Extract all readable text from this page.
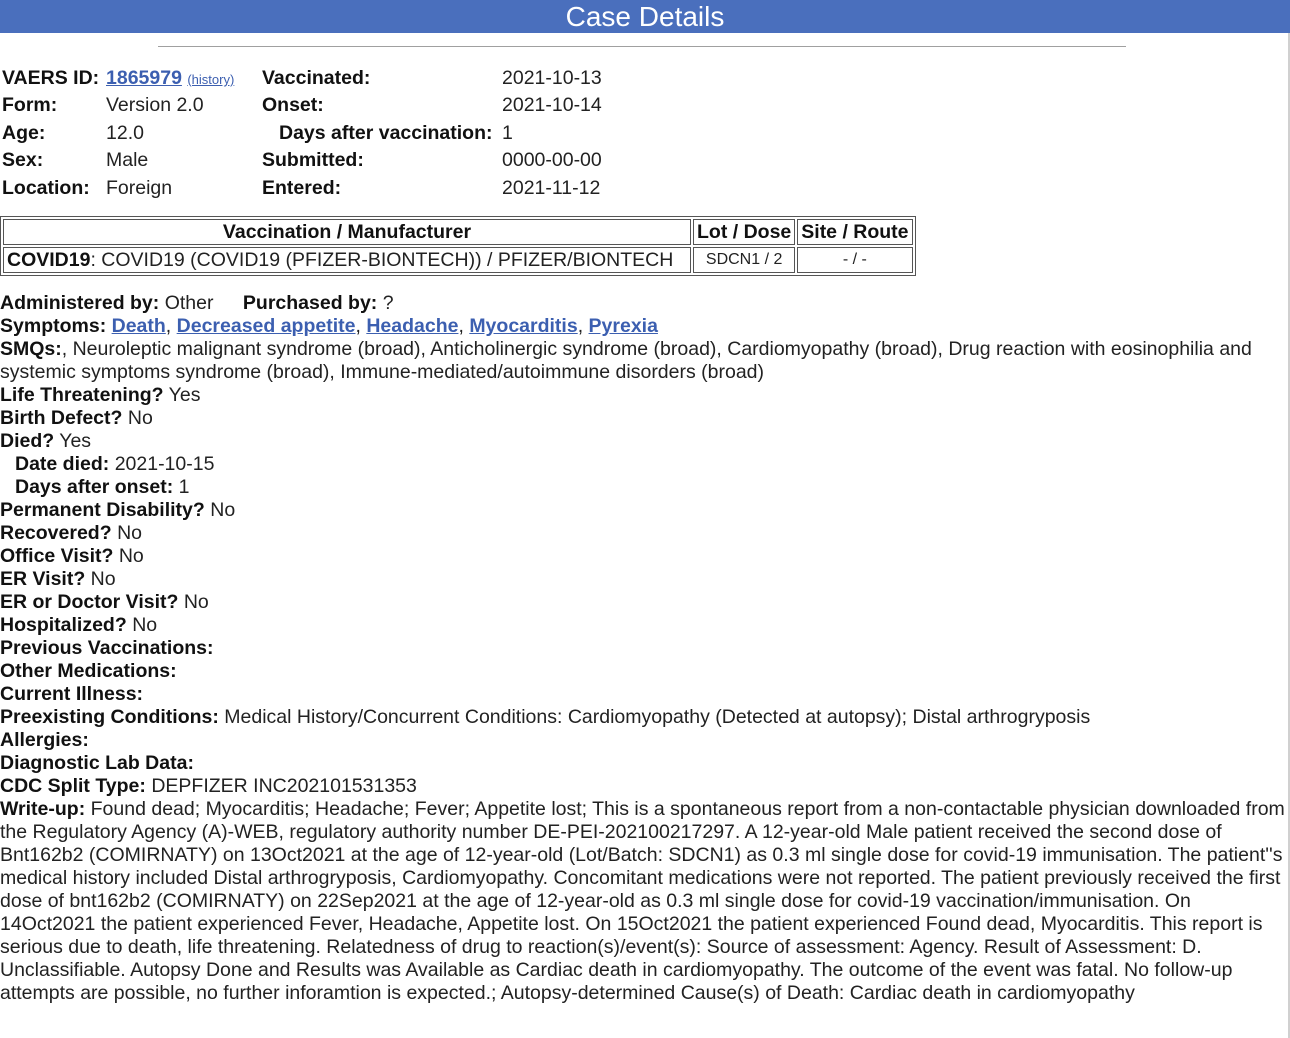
Case Details
VAERS ID: 1865979 (history)
Form:	Version 2.0
Age:	12.0
Sex:	Male
Location: Foreign
Vaccinated:	2021-10-13
Onset:	2021-10-14
Days after vaccination: 1
Submitted:	0000-00-00
Entered:	2021-11-12
Vaccination / Manufacturer	Lot / Dose	Site / Route
COVID19: COVID19 (COVID19 (PFIZER-BIONTECH)) / PFIZER/BIONTECH	SDCN1 / 2	- / -
Administered by: Other Purchased by: ?
Symptoms: Death, Decreased appetite, Headache, Myocarditis, Pyrexia
SMQs:, Neuroleptic malignant syndrome (broad), Anticholinergic syndrome (broad), Cardiomyopathy (broad), Drug reaction with eosinophilia and systemic symptoms syndrome (broad), Immune-mediated/autoimmune disorders (broad)
Life Threatening? Yes
Birth Defect? No
Died? Yes
Date died: 2021-10-15
Days after onset: 1
Permanent Disability? No
Recovered? No
Office Visit? No
ER Visit? No
ER or Doctor Visit? No
Hospitalized? No
Previous Vaccinations:
Other Medications:
Current Illness:
Preexisting Conditions: Medical History/Concurrent Conditions: Cardiomyopathy (Detected at autopsy); Distal arthrogryposis
Allergies:
Diagnostic Lab Data:
CDC Split Type: DEPFIZER INC202101531353
Write-up: Found dead; Myocarditis; Headache; Fever; Appetite lost; This is a spontaneous report from a non-contactable physician downloaded from the Regulatory Agency (A)-WEB, regulatory authority number DE-PEI-202100217297. A 12-year-old Male patient received the second dose of Bnt162b2 (COMIRNATY) on 13Oct2021 at the age of 12-year-old (Lot/Batch: SDCN1) as 0.3 ml single dose for covid-19 immunisation. The patient''s medical history included Distal arthrogryposis, Cardiomyopathy. Concomitant medications were not reported. The patient previously received the first dose of bnt162b2 (COMIRNATY) on 22Sep2021 at the age of 12-year-old as 0.3 ml single dose for covid-19 vaccination/immunisation. On 14Oct2021 the patient experienced Fever, Headache, Appetite lost. On 15Oct2021 the patient experienced Found dead, Myocarditis. This report is serious due to death, life threatening. Relatedness of drug to reaction(s)/event(s): Source of assessment: Agency. Result of Assessment: D. Unclassifiable. Autopsy Done and Results was Available as Cardiac death in cardiomyopathy. The outcome of the event was fatal. No follow-up attempts are possible, no further inforamtion is expected.; Autopsy-determined Cause(s) of Death: Cardiac death in cardiomyopathy
